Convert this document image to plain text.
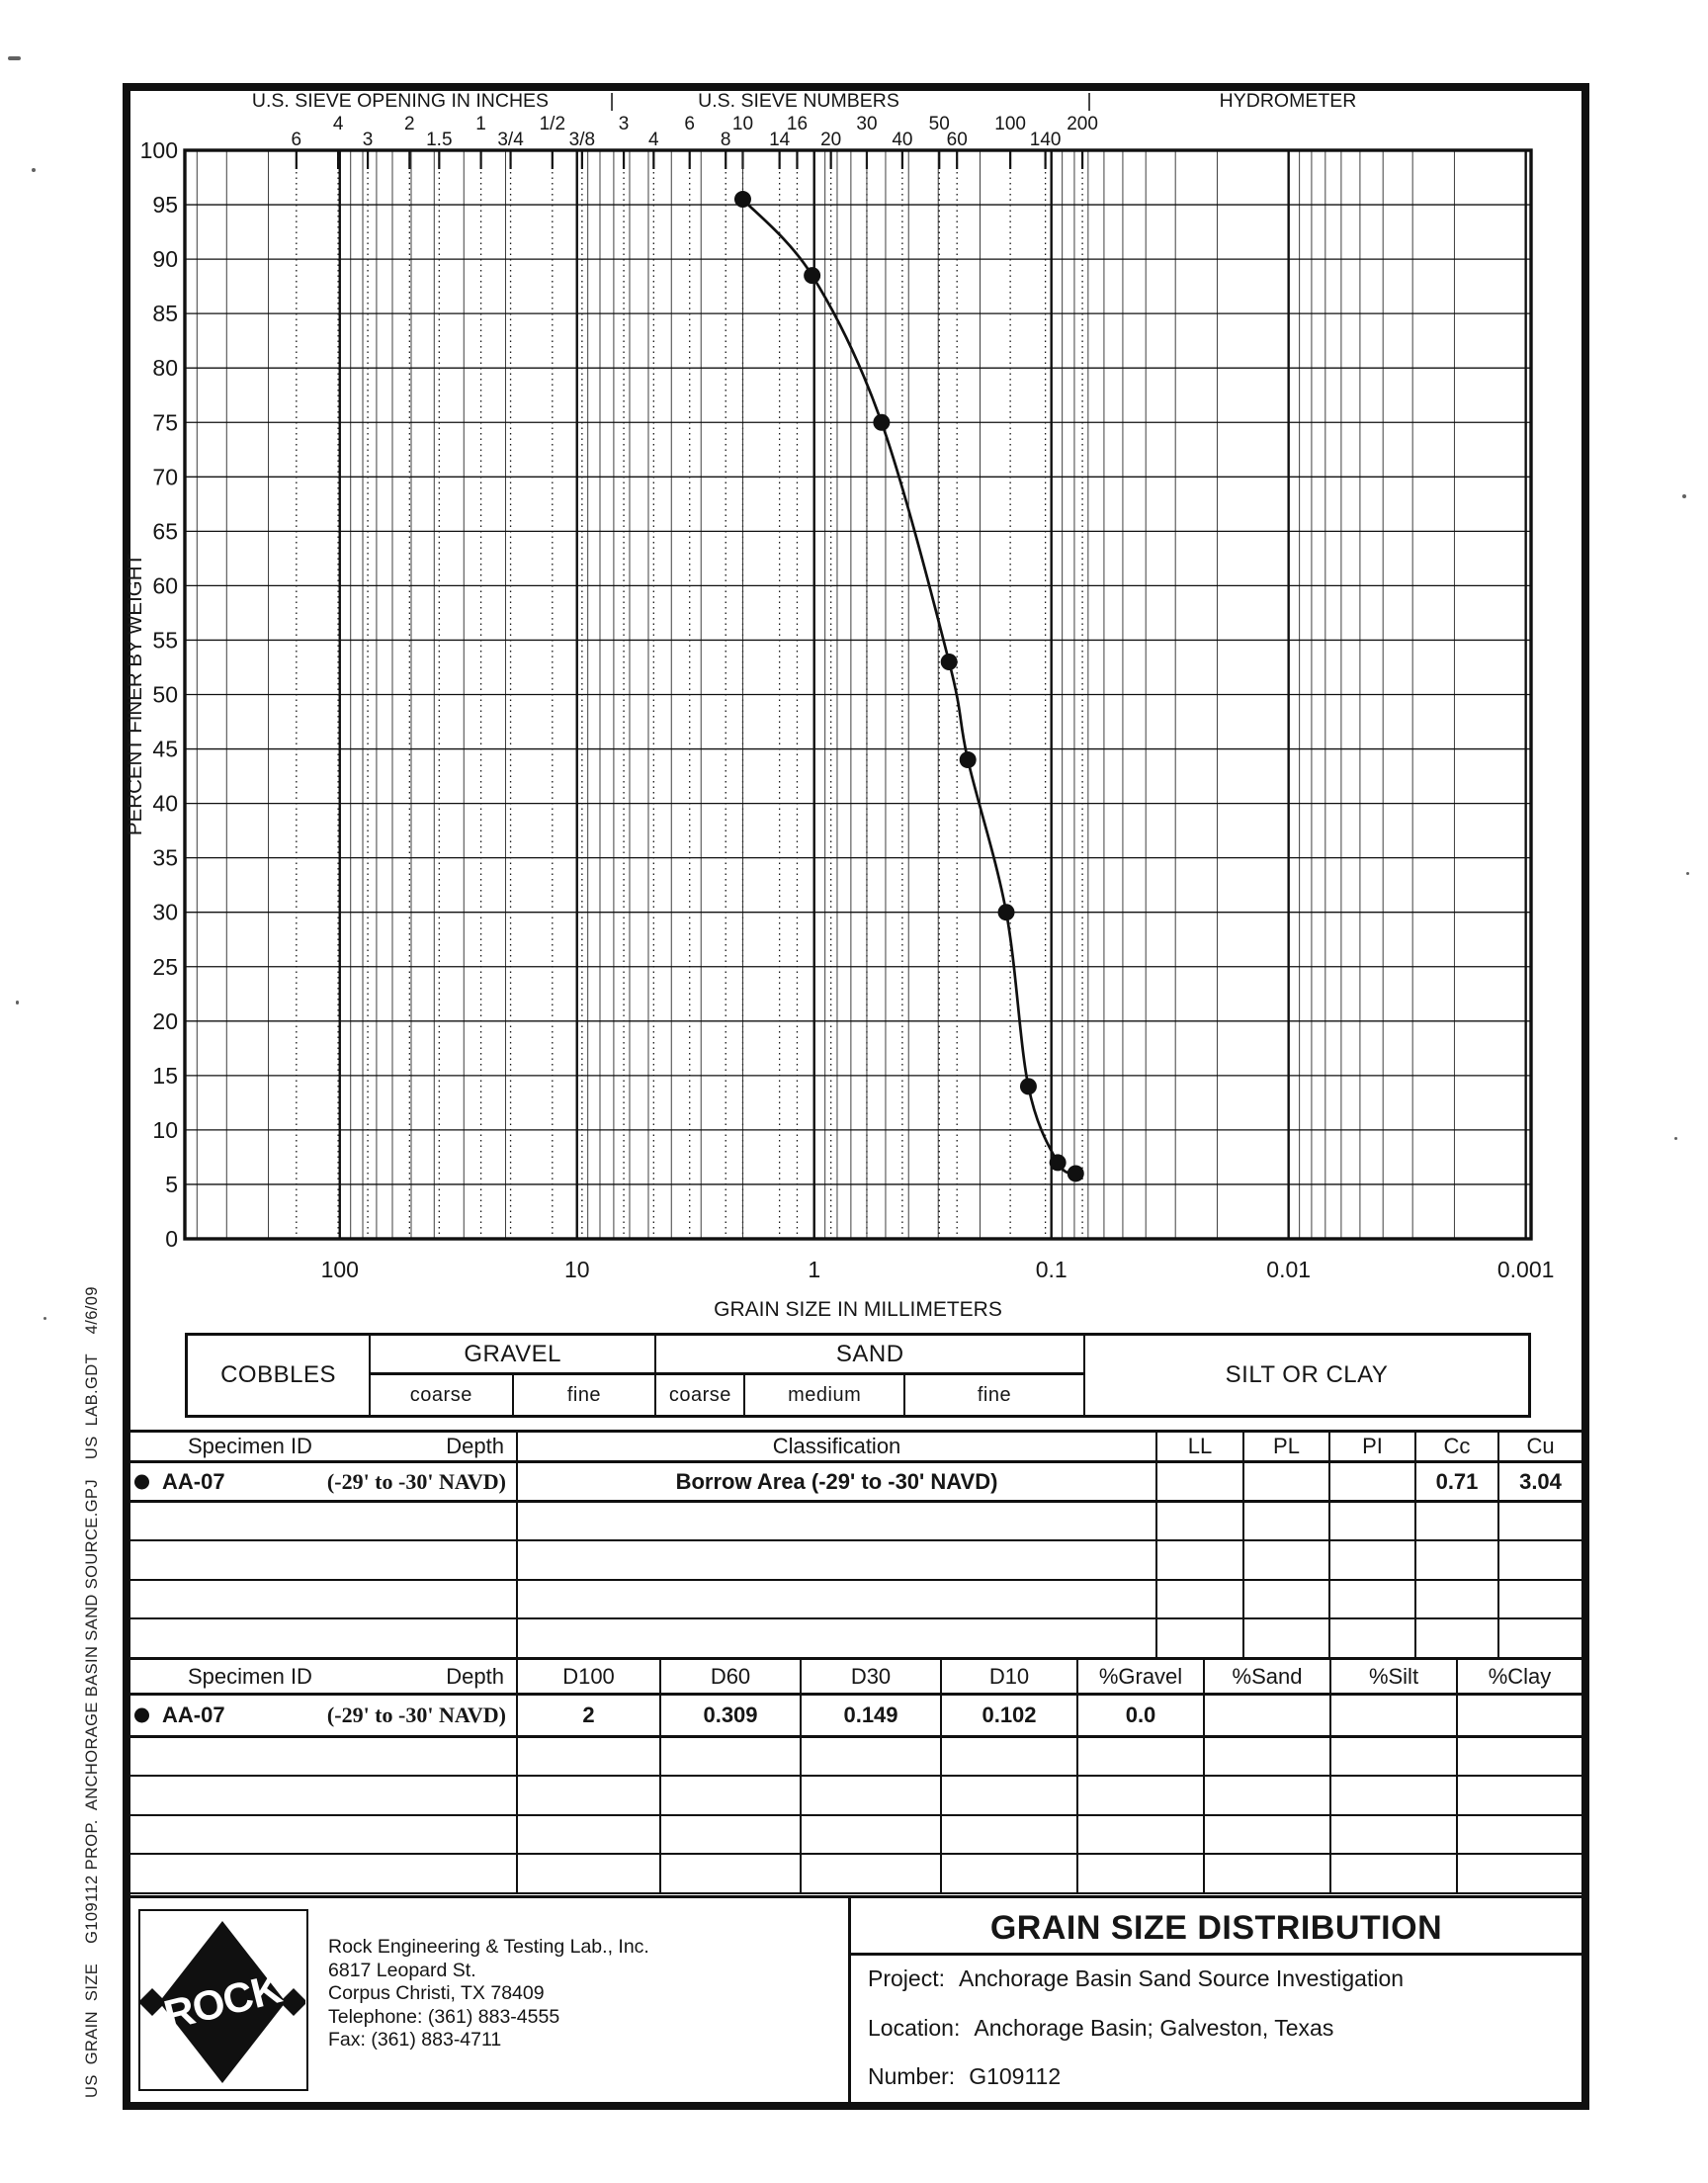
US  GRAIN  SIZE    G109112 PROP.  ANCHORAGE BASIN SAND SOURCE.GPJ    US  LAB.GDT    4/6/09
U.S. SIEVE OPENING IN INCHES	|	U.S. SIEVE NUMBERS	|	HYDROMETER
6
4
3
2
1.5
1
3/4
1/2
3/8
3
4
6
8
10
14
16
20
30
40
50
60
100
140
200
0
5
10
15
20
25
30
35
40
45
50
55
60
65
70
75
80
85
90
95
100
PERCENT FINER BY WEIGHT
100	10	1	0.1	0.01	0.001
GRAIN SIZE IN MILLIMETERS
COBBLES
GRAVEL
coarse	fine
SAND
coarse	medium	fine
SILT OR CLAY
Specimen ID Depth	Classification	LL	PL	PI	Cc	Cu

AA-07 (-29' to -30' NAVD)	Borrow Area (-29' to -30' NAVD)				0.71	3.04

Specimen ID Depth	D100	D60	D30	D10	%Gravel	%Sand	%Silt	%Clay

AA-07 (-29' to -30' NAVD)	2	0.309	0.149	0.102	0.0			

ROCK
Rock Engineering & Testing Lab., Inc.
6817 Leopard St.
Corpus Christi, TX 78409
Telephone: (361) 883-4555
Fax: (361) 883-4711
GRAIN SIZE DISTRIBUTION
Project: Anchorage Basin Sand Source Investigation
Location: Anchorage Basin; Galveston, Texas
Number: G109112
